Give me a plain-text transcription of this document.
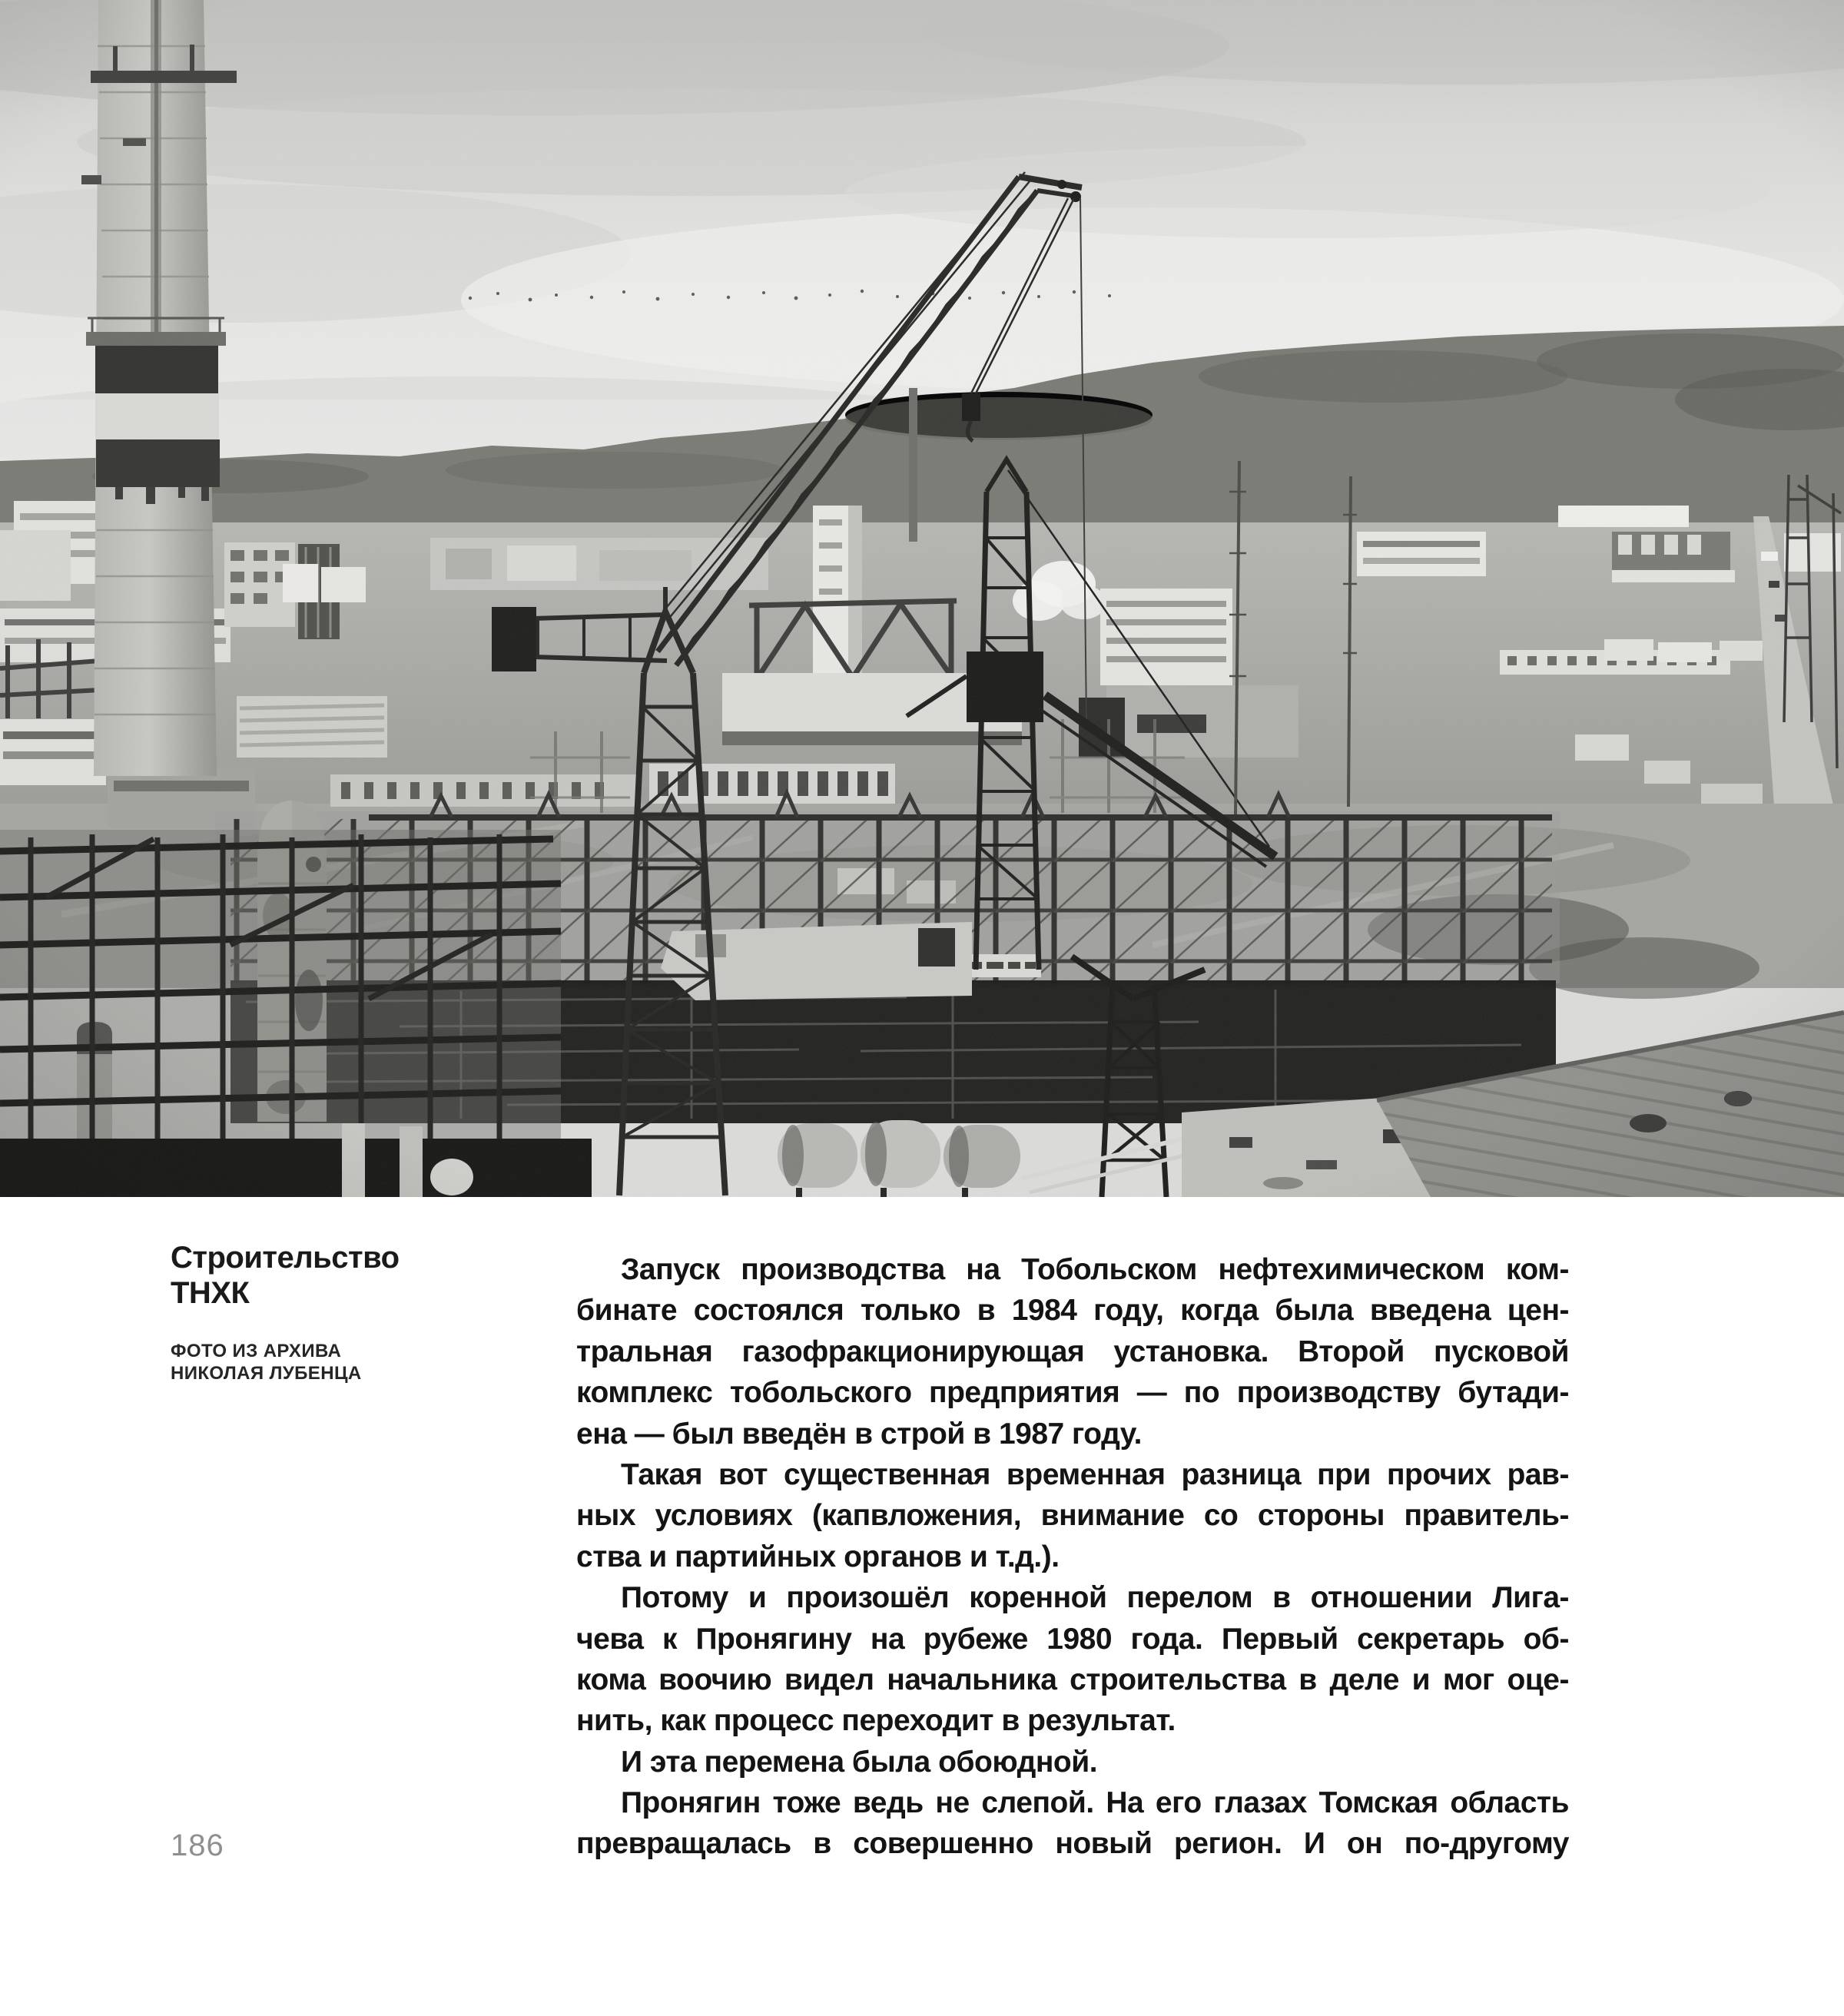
Строительство
ТНХК
ФОТО ИЗ АРХИВА
НИКОЛАЯ ЛУБЕНЦА
Запуск производства на Тобольском нефтехимическом ком-
бинате состоялся только в 1984 году, когда была введена цен-
тральная газофракционирующая установка. Второй пусковой
комплекс тобольского предприятия — по производству бутади-
ена — был введён в строй в 1987 году.
Такая вот существенная временная разница при прочих рав-
ных условиях (капвложения, внимание со стороны правитель-
ства и партийных органов и т.д.).
Потому и произошёл коренной перелом в отношении Лига-
чева к Пронягину на рубеже 1980 года. Первый секретарь об-
кома воочию видел начальника строительства в деле и мог оце-
нить, как процесс переходит в результат.
И эта перемена была обоюдной.
Пронягин тоже ведь не слепой. На его глазах Томская область
превращалась в совершенно новый регион. И он по-другому
186
